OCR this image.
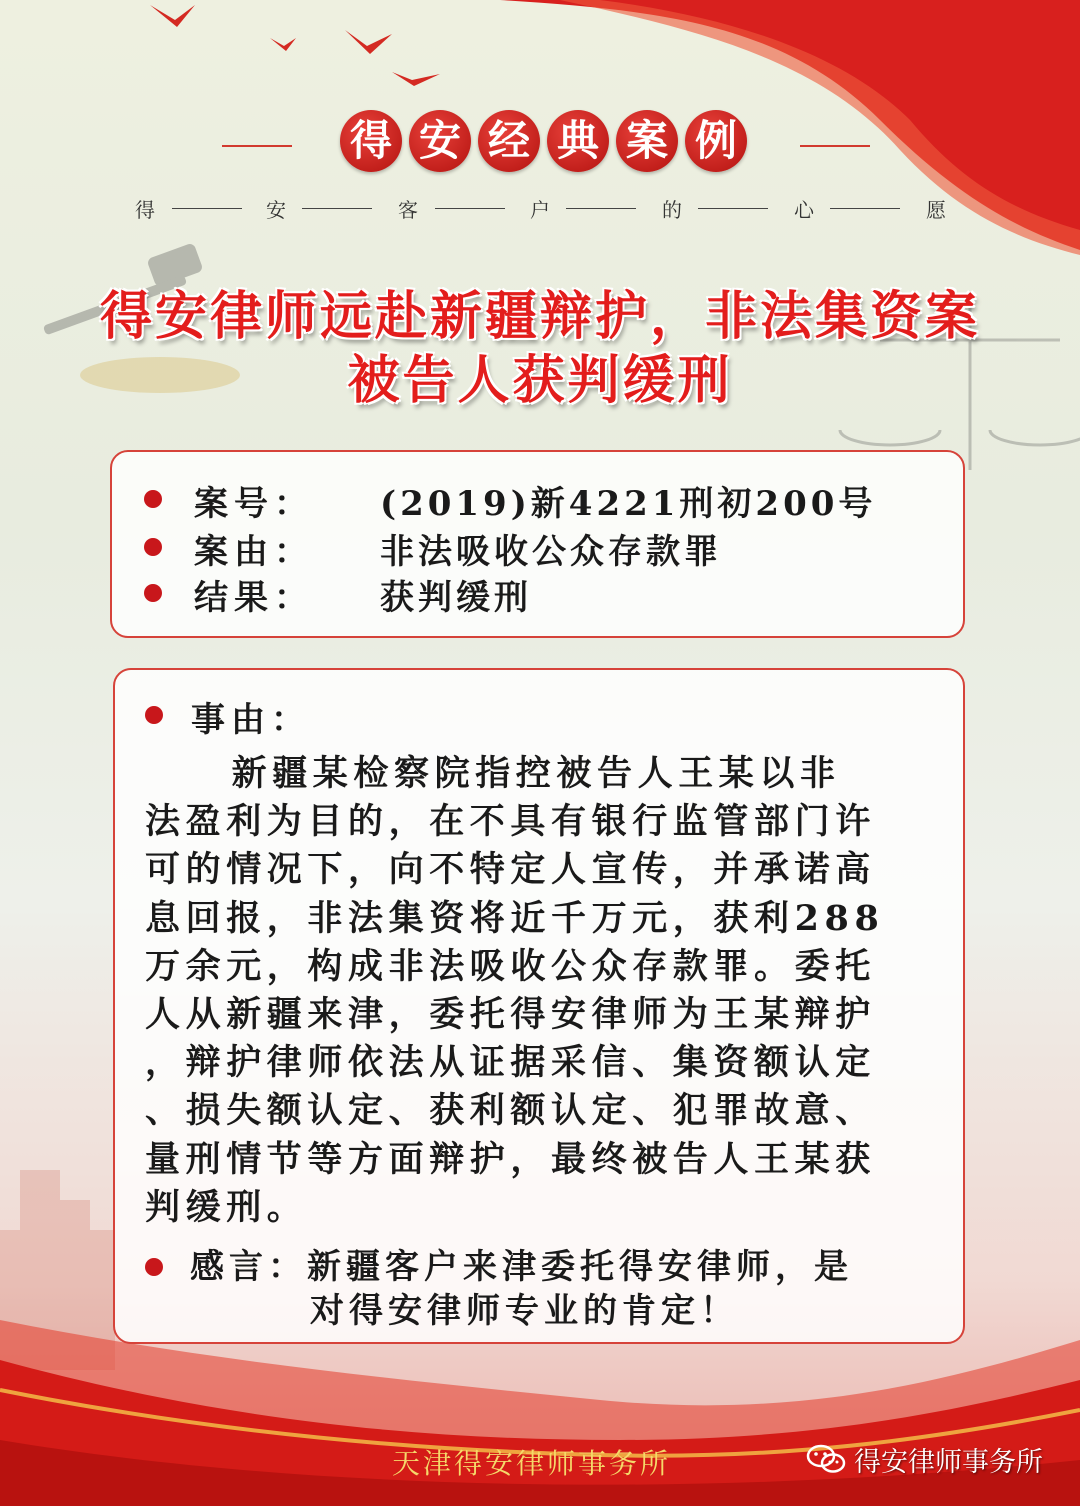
得 安 经 典 案 例
得	安	客	户	的	心	愿
得安律师远赴新疆辩护，非法集资案
被告人获判缓刑
案号： (2019)新4221刑初200号
案由： 非法吸收公众存款罪
结果： 获判缓刑
事由：
　新疆某检察院指控被告人王某以非
法盈利为目的，在不具有银行监管部门许
可的情况下，向不特定人宣传，并承诺高
息回报，非法集资将近千万元，获利288
万余元，构成非法吸收公众存款罪。委托
人从新疆来津，委托得安律师为王某辩护
，辩护律师依法从证据采信、集资额认定
、损失额认定、获利额认定、犯罪故意、
量刑情节等方面辩护，最终被告人王某获
判缓刑。
感言：新疆客户来津委托得安律师，是
对得安律师专业的肯定！
天津得安律师事务所	得安律师事务所
